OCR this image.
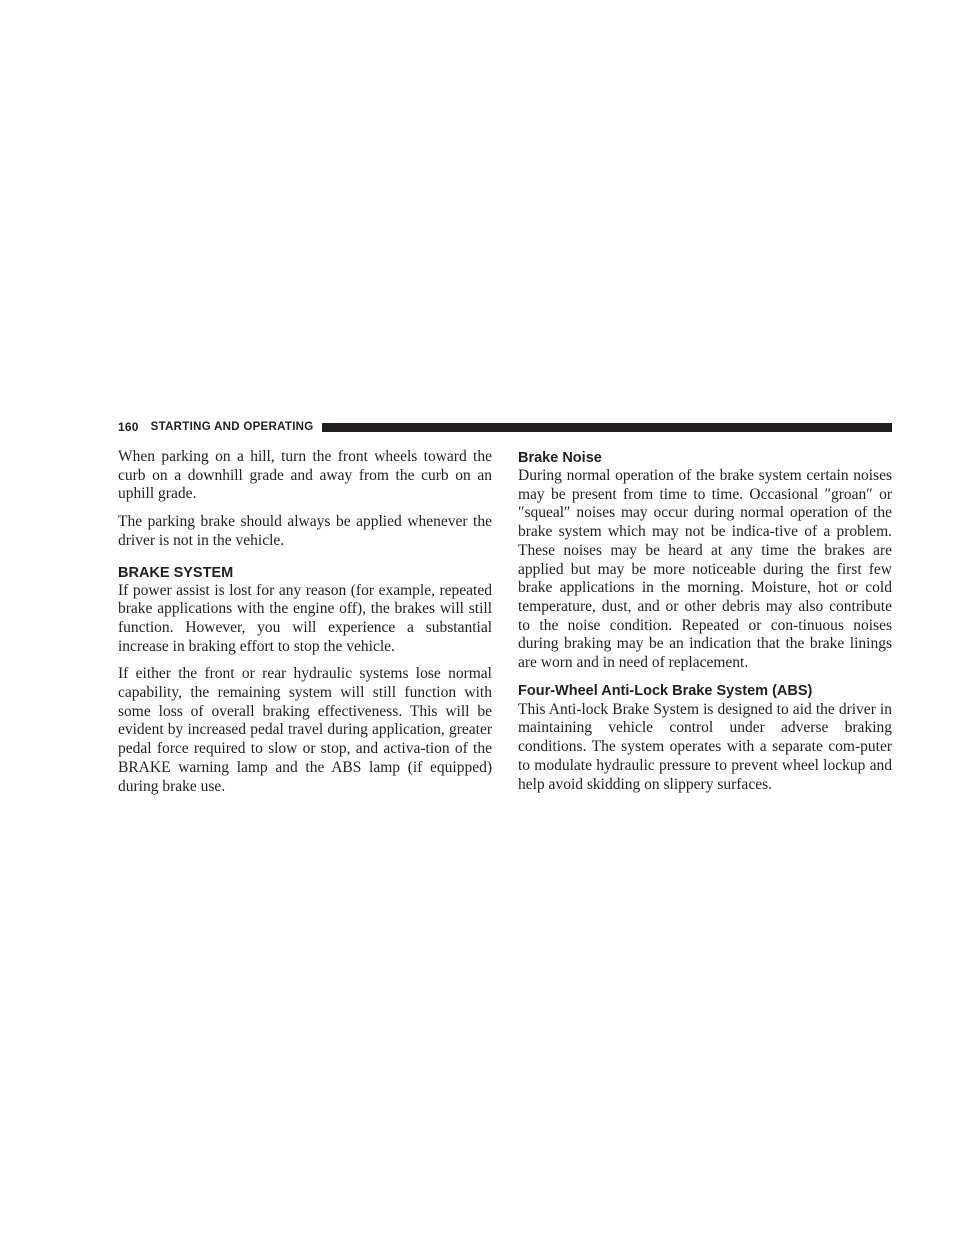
160 STARTING AND OPERATING

When parking on a hill, turn the front wheels toward the curb on a downhill grade and away from the curb on an uphill grade.

The parking brake should always be applied whenever the driver is not in the vehicle.

BRAKE SYSTEM

If power assist is lost for any reason (for example, repeated brake applications with the engine off), the brakes will still function. However, you will experience a substantial increase in braking effort to stop the vehicle.

If either the front or rear hydraulic systems lose normal capability, the remaining system will still function with some loss of overall braking effectiveness. This will be evident by increased pedal travel during application, greater pedal force required to slow or stop, and activa-tion of the BRAKE warning lamp and the ABS lamp (if equipped) during brake use.

Brake Noise

During normal operation of the brake system certain noises may be present from time to time. Occasional ″groan″ or ″squeal″ noises may occur during normal operation of the brake system which may not be indica-tive of a problem. These noises may be heard at any time the brakes are applied but may be more noticeable during the first few brake applications in the morning. Moisture, hot or cold temperature, dust, and or other debris may also contribute to the noise condition. Repeated or con-tinuous noises during braking may be an indication that the brake linings are worn and in need of replacement.

Four-Wheel Anti-Lock Brake System (ABS)

This Anti-lock Brake System is designed to aid the driver in maintaining vehicle control under adverse braking conditions. The system operates with a separate com-puter to modulate hydraulic pressure to prevent wheel lockup and help avoid skidding on slippery surfaces.
